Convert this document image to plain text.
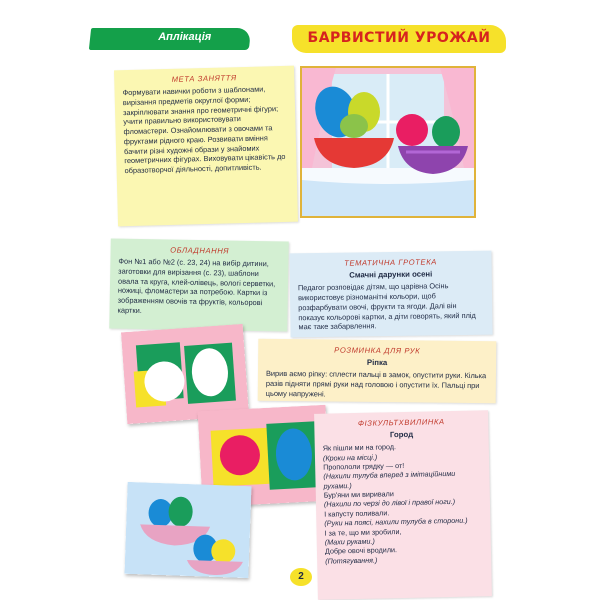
Аплікація	БАРВИСТИЙ УРОЖАЙ
МЕТА ЗАНЯТТЯ

Формувати навички роботи з шаблонами, вирізання предметів округлої форми; закріплювати знання про геометричні фігури; учити правильно використовувати фломастери. Ознайомлювати з овочами та фруктами рідного краю. Розвивати вміння бачити різні художні образи у знайомих геометричних фігурах. Виховувати цікавість до образотворчої діяльності, допитливість.

ОБЛАДНАННЯ

Фон №1 або №2 (с. 23, 24) на вибір дитини, заготовки для вирізання (с. 23), шаблони овала та круга, клей-олівець, вологі серветки, ножиці, фломастери за потребою. Картки із зображенням овочів та фруктів, кольорові картки.

ТЕМАТИЧНА ГРОТЕКА
Смачні дарунки осені

Педагог розповідає дітям, що царівна Осінь використовує різноманітні кольори, щоб розфарбувати овочі, фрукти та ягоди. Далі він показує кольорові картки, а діти говорять, який плід має таке забарвлення.

РОЗМИНКА ДЛЯ РУК
Ріпка

Вирив аємо ріпку: сплести пальці в замок, опустити руки. Кілька разів підняти прямі руки над головою і опустити їх. Пальці при цьому напружені.

ФІЗКУЛЬТХВИЛИНКА
Город

Як пішли ми на город.

(Кроки на місці.)

Пропололи грядку — от!

(Нахили тулуба вперед з імітаційними рухами.)

Бур'яни ми виривали

(Нахили по черзі до лівої і правої ноги.)

І капусту поливали.

(Руки на поясі, нахили тулуба в сторони.)

І за те, що ми зробили,

(Махи руками.)

Добре овочі вродили.

(Потягування.)

2
